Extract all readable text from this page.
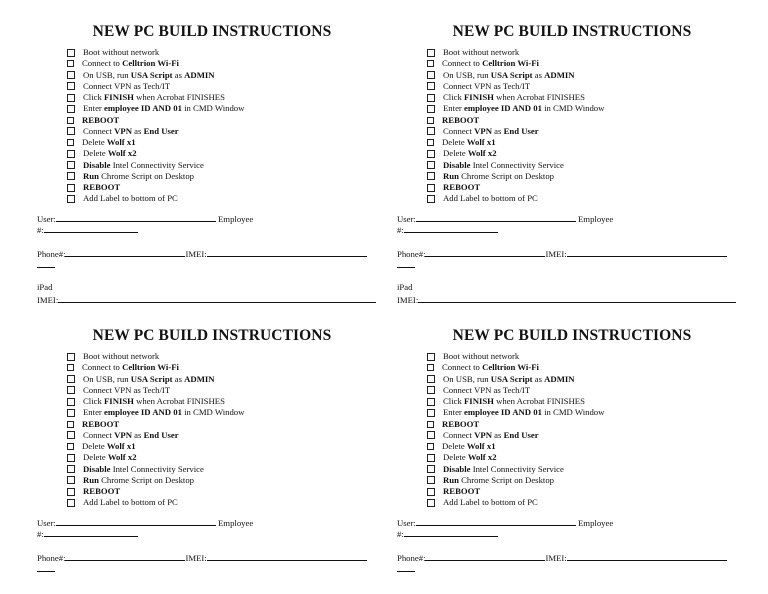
NEW PC BUILD INSTRUCTIONS
Boot without network
Connect to Celltrion Wi-Fi
On USB, run USA Script as ADMIN
Connect VPN as Tech/IT
Click FINISH when Acrobat FINISHES
Enter employee ID AND 01 in CMD Window
REBOOT
Connect VPN as End User
Delete Wolf x1
Delete Wolf x2
Disable Intel Connectivity Service
Run Chrome Script on Desktop
REBOOT
Add Label to bottom of PC
User:	Employee
#:
Phone#:	IMEI:
iPad
IMEI:
NEW PC BUILD INSTRUCTIONS
Boot without network
Connect to Celltrion Wi-Fi
On USB, run USA Script as ADMIN
Connect VPN as Tech/IT
Click FINISH when Acrobat FINISHES
Enter employee ID AND 01 in CMD Window
REBOOT
Connect VPN as End User
Delete Wolf x1
Delete Wolf x2
Disable Intel Connectivity Service
Run Chrome Script on Desktop
REBOOT
Add Label to bottom of PC
User:	Employee
#:
Phone#:	IMEI:
iPad
IMEI:
NEW PC BUILD INSTRUCTIONS
Boot without network
Connect to Celltrion Wi-Fi
On USB, run USA Script as ADMIN
Connect VPN as Tech/IT
Click FINISH when Acrobat FINISHES
Enter employee ID AND 01 in CMD Window
REBOOT
Connect VPN as End User
Delete Wolf x1
Delete Wolf x2
Disable Intel Connectivity Service
Run Chrome Script on Desktop
REBOOT
Add Label to bottom of PC
User:	Employee
#:
Phone#:	IMEI:
NEW PC BUILD INSTRUCTIONS
Boot without network
Connect to Celltrion Wi-Fi
On USB, run USA Script as ADMIN
Connect VPN as Tech/IT
Click FINISH when Acrobat FINISHES
Enter employee ID AND 01 in CMD Window
REBOOT
Connect VPN as End User
Delete Wolf x1
Delete Wolf x2
Disable Intel Connectivity Service
Run Chrome Script on Desktop
REBOOT
Add Label to bottom of PC
User:	Employee
#:
Phone#:	IMEI:
